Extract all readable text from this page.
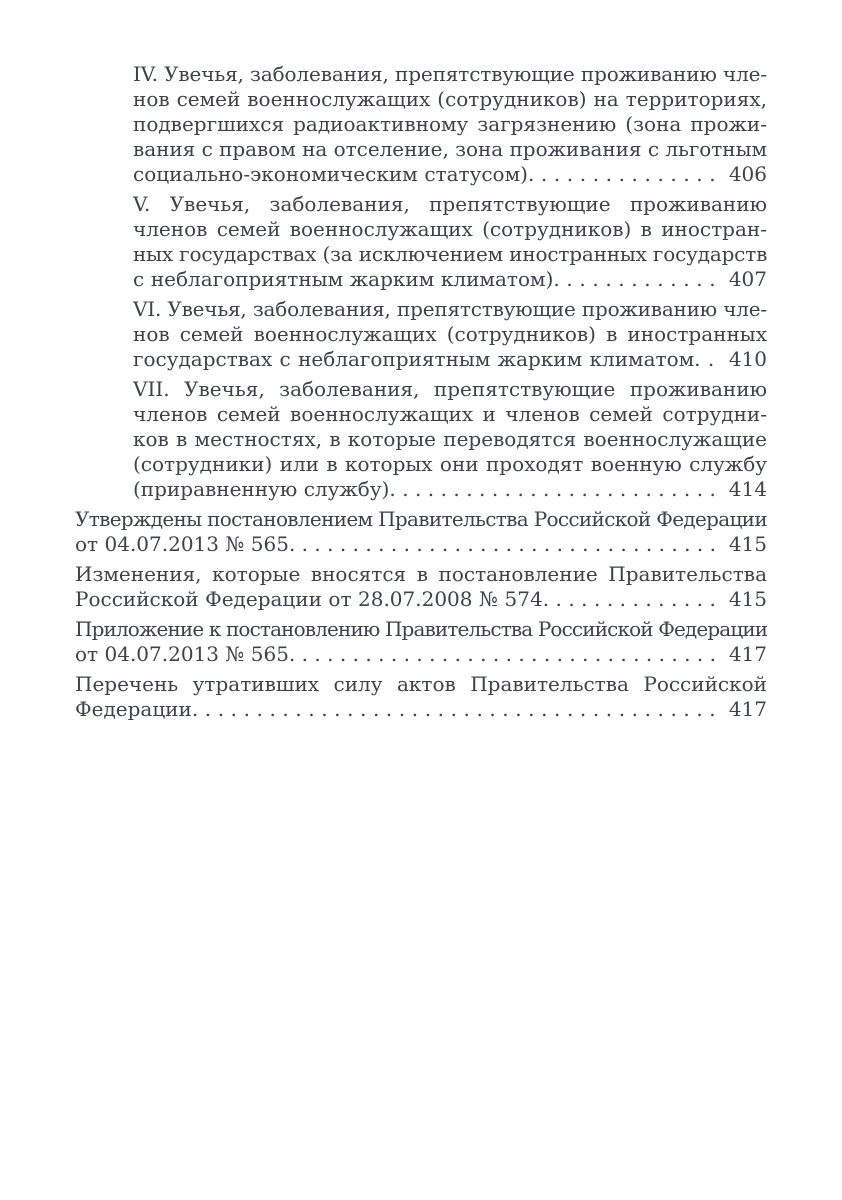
IV. Увечья, заболевания, препятствующие проживанию чле-
нов семей военнослужащих (сотрудников) на территориях,
подвергшихся радиоактивному загрязнению (зона прожи-
вания с правом на отселение, зона проживания с льготным
социально-экономическим статусом). . . . . . . . . . . . . . .  406
V. Увечья, заболевания, препятствующие проживанию
членов семей военнослужащих (сотрудников) в иностран-
ных государствах (за исключением иностранных государств
с неблагоприятным жарким климатом). . . . . . . . . . . . .  407
VI. Увечья, заболевания, препятствующие проживанию чле-
нов семей военнослужащих (сотрудников) в иностранных
государствах с неблагоприятным жарким климатом. .  410
VII. Увечья, заболевания, препятствующие проживанию
членов семей военнослужащих и членов семей сотрудни-
ков в местностях, в которые переводятся военнослужащие
(сотрудники) или в которых они проходят военную службу
(приравненную службу). . . . . . . . . . . . . . . . . . . . . . . . . .  414
Утверждены постановлением Правительства Российской Федерации
от 04.07.2013 № 565. . . . . . . . . . . . . . . . . . . . . . . . . . . . . . . . . .  415
Изменения, которые вносятся в постановление Правительства
Российской Федерации от 28.07.2008 № 574. . . . . . . . . . . . . .  415
Приложение к постановлению Правительства Российской Федерации
от 04.07.2013 № 565. . . . . . . . . . . . . . . . . . . . . . . . . . . . . . . . . .  417
Перечень утративших силу актов Правительства Российской
Федерации. . . . . . . . . . . . . . . . . . . . . . . . . . . . . . . . . . . . . . . . .  417
